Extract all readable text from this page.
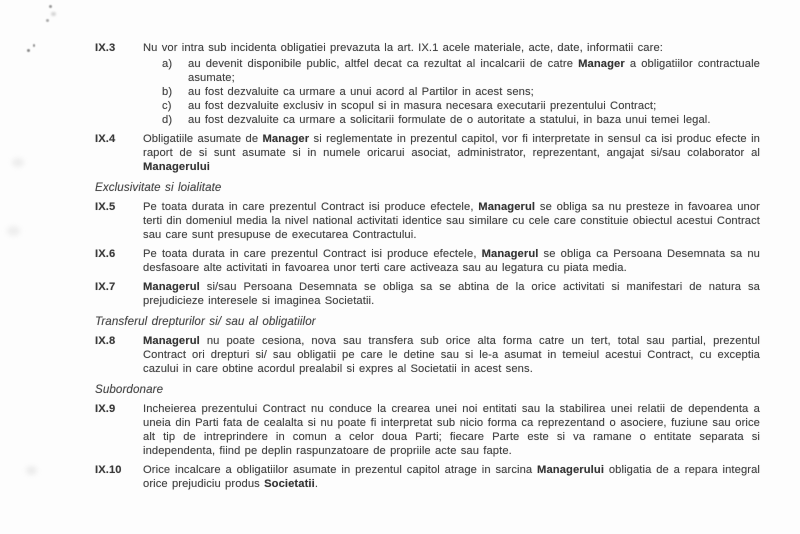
IX.3	Nu vor intra sub incidenta obligatiei prevazuta la art. IX.1 acele materiale, acte, date, informatii care:
a)	au devenit disponibile public, altfel decat ca rezultat al incalcarii de catre Manager a obligatiilor contractuale asumate;
b)	au fost dezvaluite ca urmare a unui acord al Partilor in acest sens;
c)	au fost dezvaluite exclusiv in scopul si in masura necesara executarii prezentului Contract;
d)	au fost dezvaluite ca urmare a solicitarii formulate de o autoritate a statului, in baza unui temei legal.
IX.4	Obligatiile asumate de Manager si reglementate in prezentul capitol, vor fi interpretate in sensul ca isi produc efecte in raport de si sunt asumate si in numele oricarui asociat, administrator, reprezentant, angajat si/sau colaborator al Managerului
Exclusivitate si loialitate
IX.5	Pe toata durata in care prezentul Contract isi produce efectele, Managerul se obliga sa nu presteze in favoarea unor terti din domeniul media la nivel national activitati identice sau similare cu cele care constituie obiectul acestui Contract sau care sunt presupuse de executarea Contractului.
IX.6	Pe toata durata in care prezentul Contract isi produce efectele, Managerul se obliga ca Persoana Desemnata sa nu desfasoare alte activitati in favoarea unor terti care activeaza sau au legatura cu piata media.
IX.7	Managerul si/sau Persoana Desemnata se obliga sa se abtina de la orice activitati si manifestari de natura sa prejudicieze interesele si imaginea Societatii.
Transferul drepturilor si/ sau al obligatiilor
IX.8	Managerul nu poate cesiona, nova sau transfera sub orice alta forma catre un tert, total sau partial, prezentul Contract ori drepturi si/ sau obligatii pe care le detine sau si le-a asumat in temeiul acestui Contract, cu exceptia cazului in care obtine acordul prealabil si expres al Societatii in acest sens.
Subordonare
IX.9	Incheierea prezentului Contract nu conduce la crearea unei noi entitati sau la stabilirea unei relatii de dependenta a uneia din Parti fata de cealalta si nu poate fi interpretat sub nicio forma ca reprezentand o asociere, fuziune sau orice alt tip de intreprindere in comun a celor doua Parti; fiecare Parte este si va ramane o entitate separata si independenta, fiind pe deplin raspunzatoare de propriile acte sau fapte.
IX.10	Orice incalcare a obligatiilor asumate in prezentul capitol atrage in sarcina Managerului obligatia de a repara integral orice prejudiciu produs Societatii.
